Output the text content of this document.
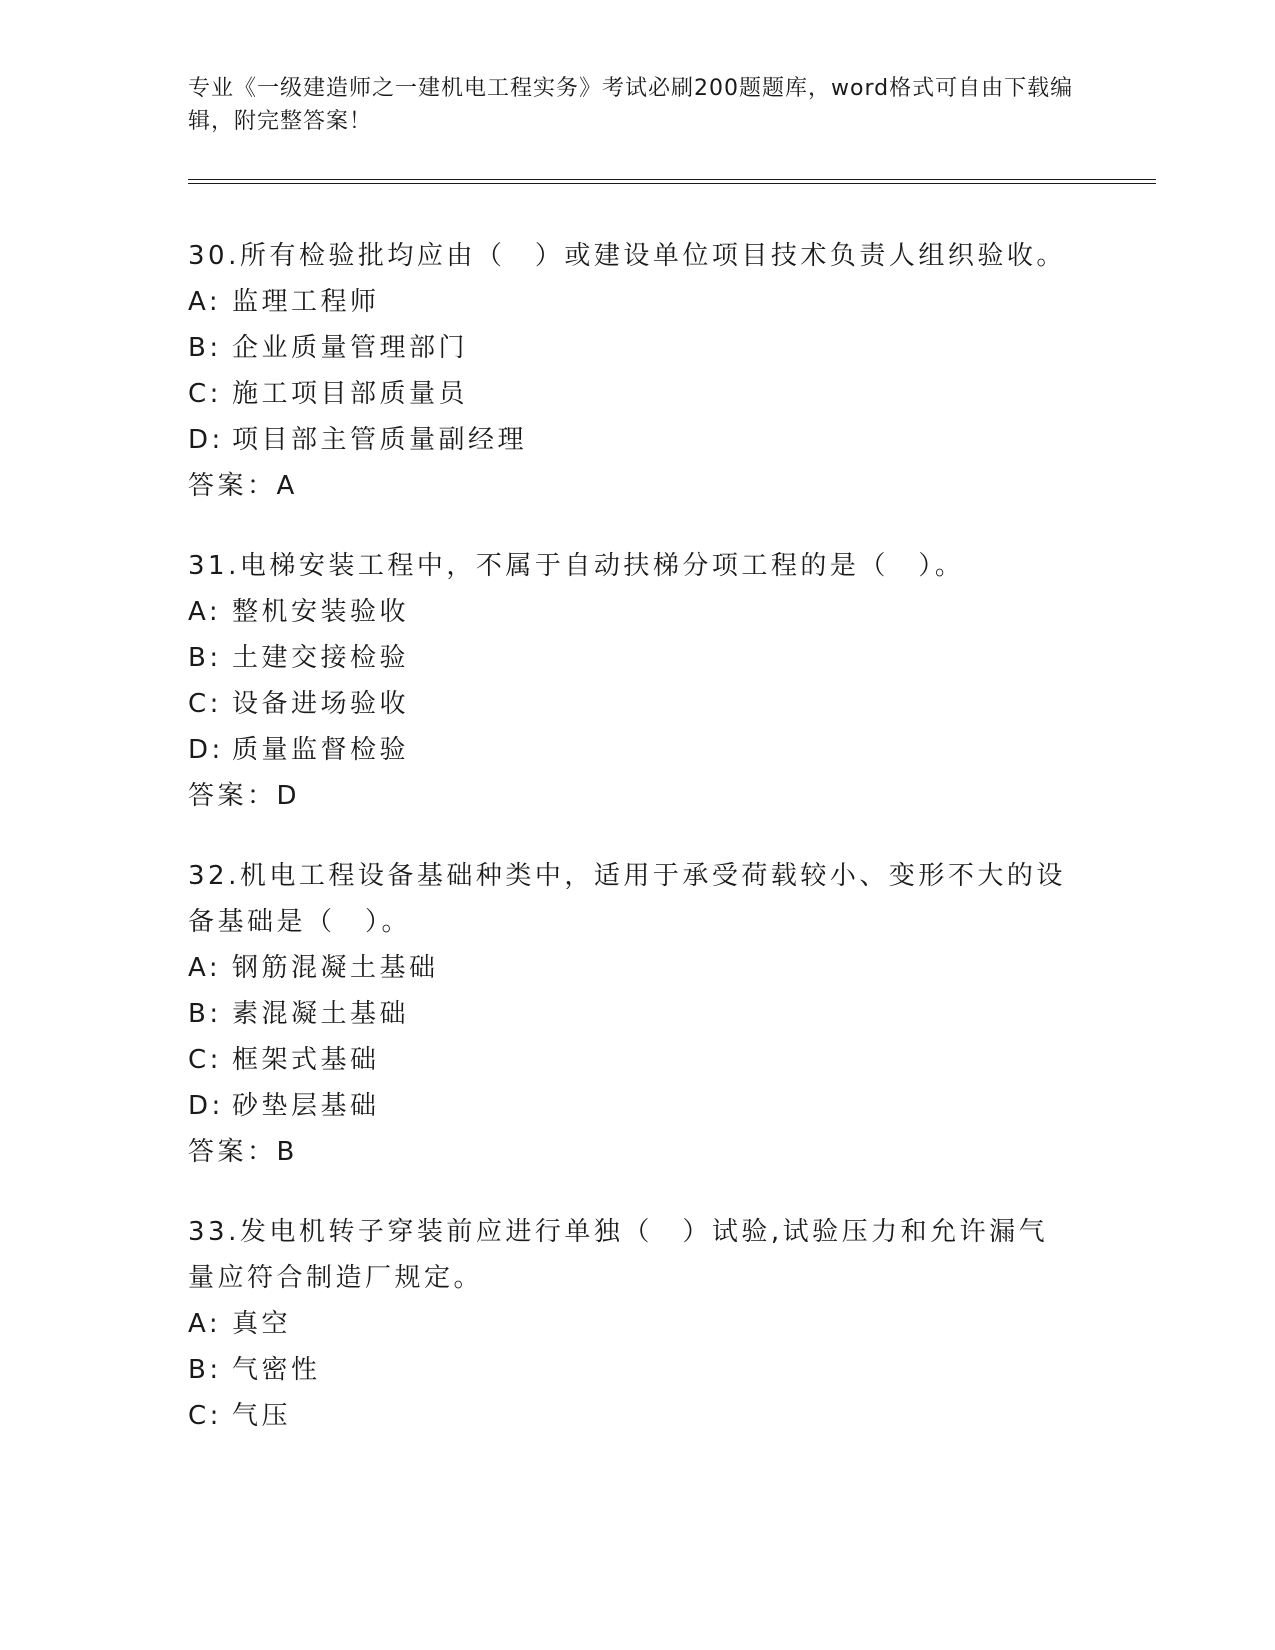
专业《一级建造师之一建机电工程实务》考试必刷200题题库，word格式可自由下载编辑，附完整答案！
30.所有检验批均应由（　）或建设单位项目技术负责人组织验收。
A: 监理工程师
B: 企业质量管理部门
C: 施工项目部质量员
D: 项目部主管质量副经理
答案：A
31.电梯安装工程中，不属于自动扶梯分项工程的是（　）。
A: 整机安装验收
B: 土建交接检验
C: 设备进场验收
D: 质量监督检验
答案：D
32.机电工程设备基础种类中，适用于承受荷载较小、变形不大的设备基础是（　）。
A: 钢筋混凝土基础
B: 素混凝土基础
C: 框架式基础
D: 砂垫层基础
答案：B
33.发电机转子穿装前应进行单独（　）试验,试验压力和允许漏气量应符合制造厂规定。
A: 真空
B: 气密性
C: 气压
